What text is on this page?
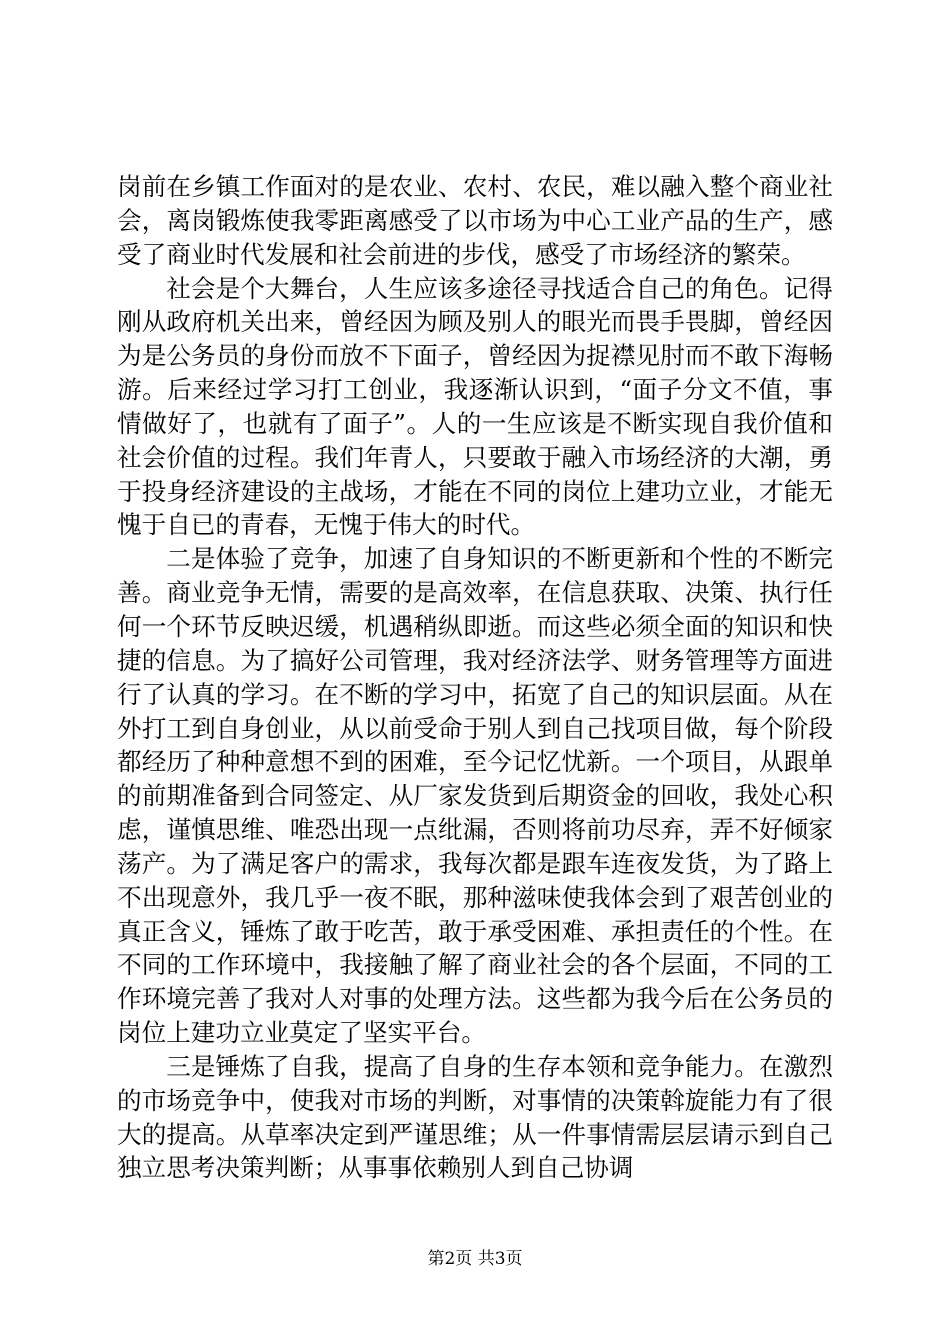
岗前在乡镇工作面对的是农业、农村、农民，难以融入整个商业社会，离岗锻炼使我零距离感受了以市场为中心工业产品的生产，感受了商业时代发展和社会前进的步伐，感受了市场经济的繁荣。

社会是个大舞台，人生应该多途径寻找适合自己的角色。记得刚从政府机关出来，曾经因为顾及别人的眼光而畏手畏脚，曾经因为是公务员的身份而放不下面子，曾经因为捉襟见肘而不敢下海畅游。后来经过学习打工创业，我逐渐认识到，“面子分文不值，事情做好了，也就有了面子”。人的一生应该是不断实现自我价值和社会价值的过程。我们年青人，只要敢于融入市场经济的大潮，勇于投身经济建设的主战场，才能在不同的岗位上建功立业，才能无愧于自已的青春，无愧于伟大的时代。

二是体验了竞争，加速了自身知识的不断更新和个性的不断完善。商业竞争无情，需要的是高效率，在信息获取、决策、执行任何一个环节反映迟缓，机遇稍纵即逝。而这些必须全面的知识和快捷的信息。为了搞好公司管理，我对经济法学、财务管理等方面进行了认真的学习。在不断的学习中，拓宽了自己的知识层面。从在外打工到自身创业，从以前受命于别人到自己找项目做，每个阶段都经历了种种意想不到的困难，至今记忆忧新。一个项目，从跟单的前期准备到合同签定、从厂家发货到后期资金的回收，我处心积虑，谨慎思维、唯恐出现一点纰漏，否则将前功尽弃，弄不好倾家荡产。为了满足客户的需求，我每次都是跟车连夜发货，为了路上不出现意外，我几乎一夜不眠，那种滋味使我体会到了艰苦创业的真正含义，锤炼了敢于吃苦，敢于承受困难、承担责任的个性。在不同的工作环境中，我接触了解了商业社会的各个层面，不同的工作环境完善了我对人对事的处理方法。这些都为我今后在公务员的岗位上建功立业莫定了坚实平台。

三是锤炼了自我，提高了自身的生存本领和竞争能力。在激烈的市场竞争中，使我对市场的判断，对事情的决策斡旋能力有了很大的提高。从草率决定到严谨思维；从一件事情需层层请示到自己独立思考决策判断；从事事依赖别人到自己协调

第2页 共3页
